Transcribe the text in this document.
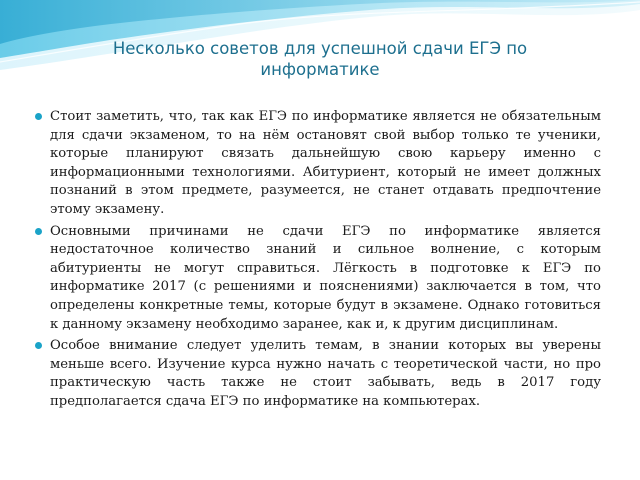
Несколько советов для успешной сдачи ЕГЭ по информатике
Стоит заметить, что, так как ЕГЭ по информатике является не обязательным для сдачи экзаменом, то на нём остановят свой выбор только те ученики, которые планируют связать дальнейшую свою карьеру именно с информационными технологиями. Абитуриент, который не имеет должных познаний в этом предмете, разумеется, не станет отдавать предпочтение этому экзамену.
Основными причинами не сдачи ЕГЭ по информатике является недостаточное количество знаний и сильное волнение, с которым абитуриенты не могут справиться. Лёгкость в подготовке к ЕГЭ по информатике 2017 (с решениями и пояснениями) заключается в том, что определены конкретные темы, которые будут в экзамене. Однако готовиться к данному экзамену необходимо заранее, как и, к другим дисциплинам.
Особое внимание следует уделить темам, в знании которых вы уверены меньше всего. Изучение курса нужно начать с теоретической части, но про практическую часть также не стоит забывать, ведь в 2017 году предполагается сдача ЕГЭ по информатике на компьютерах.
